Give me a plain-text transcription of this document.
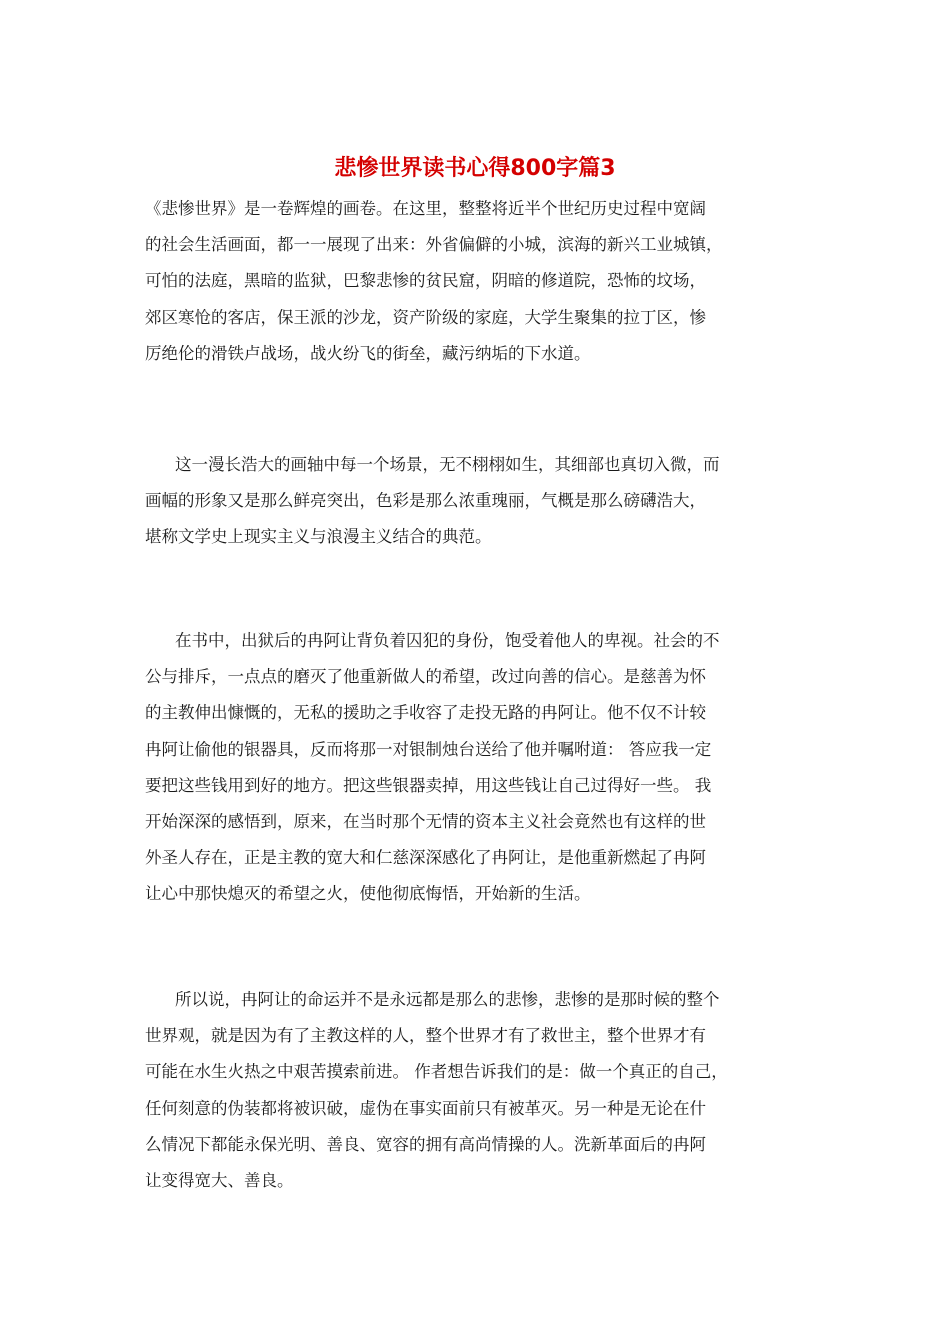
悲惨世界读书心得800字篇3
《悲惨世界》是一卷辉煌的画卷。在这里，整整将近半个世纪历史过程中宽阔
的社会生活画面，都一一展现了出来：外省偏僻的小城，滨海的新兴工业城镇，
可怕的法庭，黑暗的监狱，巴黎悲惨的贫民窟，阴暗的修道院，恐怖的坟场，
郊区寒怆的客店，保王派的沙龙，资产阶级的家庭，大学生聚集的拉丁区，惨
厉绝伦的滑铁卢战场，战火纷飞的街垒，藏污纳垢的下水道。
这一漫长浩大的画轴中每一个场景，无不栩栩如生，其细部也真切入微，而
画幅的形象又是那么鲜亮突出，色彩是那么浓重瑰丽，气概是那么磅礴浩大，
堪称文学史上现实主义与浪漫主义结合的典范。
在书中，出狱后的冉阿让背负着囚犯的身份，饱受着他人的卑视。社会的不
公与排斥，一点点的磨灭了他重新做人的希望，改过向善的信心。是慈善为怀
的主教伸出慷慨的，无私的援助之手收容了走投无路的冉阿让。他不仅不计较
冉阿让偷他的银器具，反而将那一对银制烛台送给了他并嘱咐道： 答应我一定
要把这些钱用到好的地方。把这些银器卖掉，用这些钱让自己过得好一些。 我
开始深深的感悟到，原来，在当时那个无情的资本主义社会竟然也有这样的世
外圣人存在，正是主教的宽大和仁慈深深感化了冉阿让，是他重新燃起了冉阿
让心中那快熄灭的希望之火，使他彻底悔悟，开始新的生活。
所以说，冉阿让的命运并不是永远都是那么的悲惨，悲惨的是那时候的整个
世界观，就是因为有了主教这样的人，整个世界才有了救世主，整个世界才有
可能在水生火热之中艰苦摸索前进。 作者想告诉我们的是：做一个真正的自己，
任何刻意的伪装都将被识破，虚伪在事实面前只有被革灭。另一种是无论在什
么情况下都能永保光明、善良、宽容的拥有高尚情操的人。洗新革面后的冉阿
让变得宽大、善良。
